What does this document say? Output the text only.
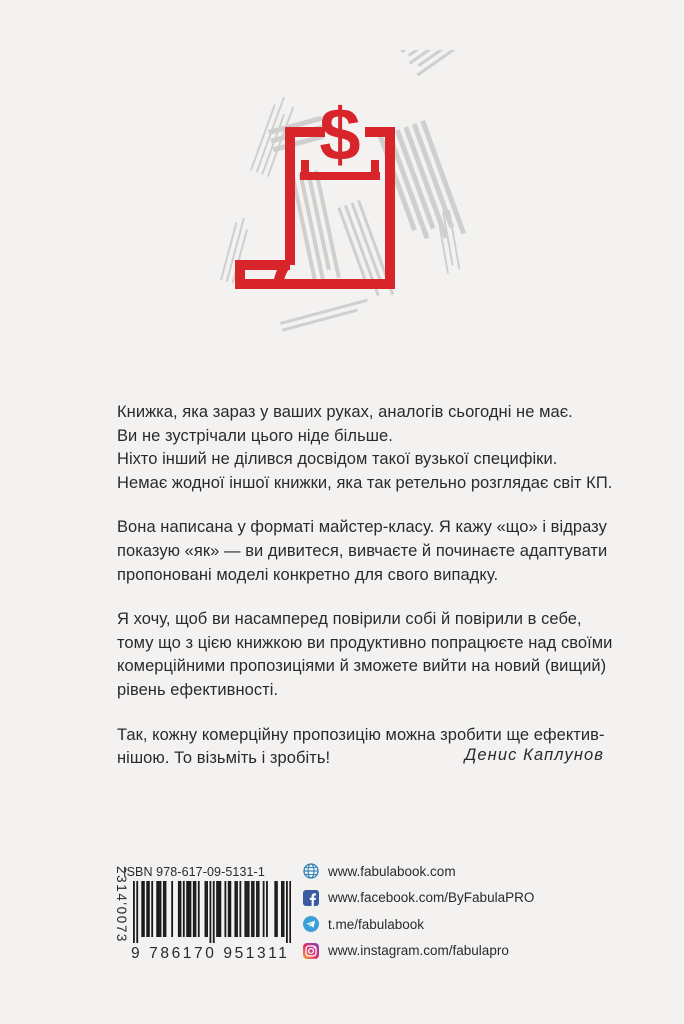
$

Книжка, яка зараз у ваших руках, аналогів сьогодні не має.
Ви не зустрічали цього ніде більше.
Ніхто інший не ділився досвідом такої вузької специфіки.
Немає жодної іншої книжки, яка так ретельно розглядає світ КП.

Вона написана у форматі майстер-класу. Я кажу «що» і відразу
показую «як» — ви дивитеся, вивчаєте й починаєте адаптувати
пропоновані моделі конкретно для свого випадку.

Я хочу, щоб ви насамперед повірили собі й повірили в себе,
тому що з цією книжкою ви продуктивно попрацюєте над своїми
комерційними пропозиціями й зможете вийти на новий (вищий)
рівень ефективності.

Так, кожну комерційну пропозицію можна зробити ще ефектив-
нішою. То візьміть і зробіть!	Денис Каплунов
ISBN 978-617-09-5131-1
9 786170 951311
2314'0073	www.fabulabook.com
www.facebook.com/ByFabulaPRO
t.me/fabulabook
www.instagram.com/fabulapro
